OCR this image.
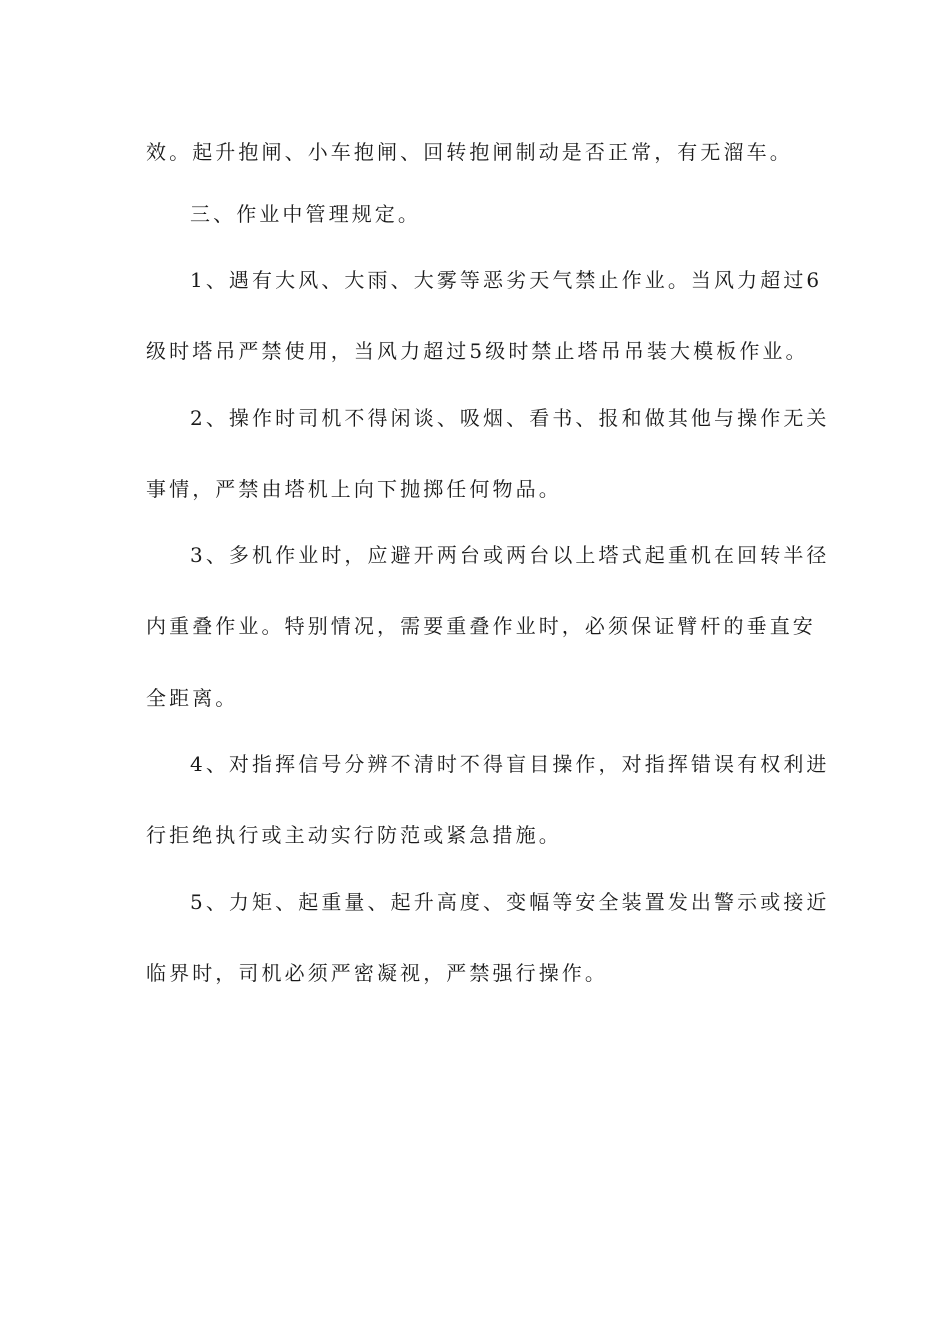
效。起升抱闸、小车抱闸、回转抱闸制动是否正常，有无溜车。
三、作业中管理规定。
1、遇有大风、大雨、大雾等恶劣天气禁止作业。当风力超过6
级时塔吊严禁使用，当风力超过5级时禁止塔吊吊装大模板作业。
2、操作时司机不得闲谈、吸烟、看书、报和做其他与操作无关
事情，严禁由塔机上向下抛掷任何物品。
3、多机作业时，应避开两台或两台以上塔式起重机在回转半径
内重叠作业。特别情况，需要重叠作业时，必须保证臂杆的垂直安
全距离。
4、对指挥信号分辨不清时不得盲目操作，对指挥错误有权利进
行拒绝执行或主动实行防范或紧急措施。
5、力矩、起重量、起升高度、变幅等安全装置发出警示或接近
临界时，司机必须严密凝视，严禁强行操作。
